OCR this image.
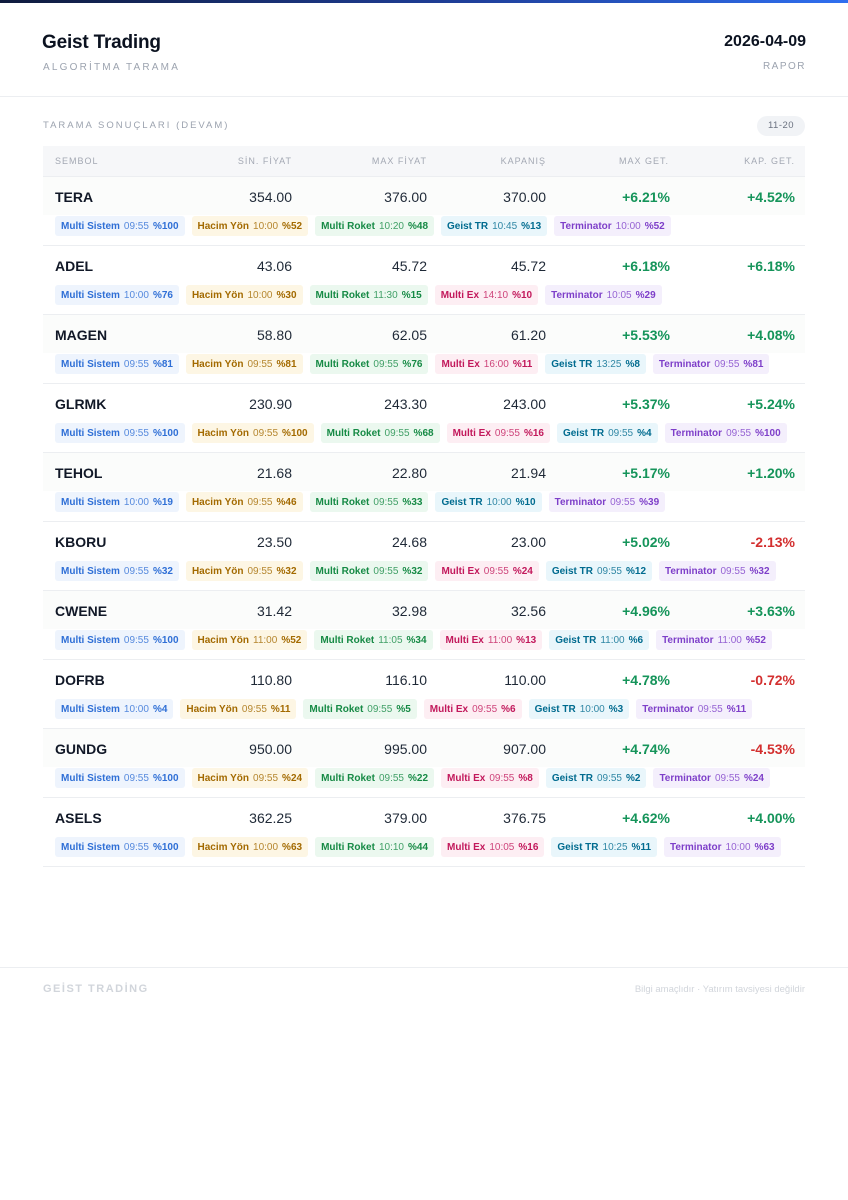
Geist Trading
ALGORİTMA TARAMA
2026-04-09
RAPOR
TARAMA SONUÇLARI (DEVAM)	11-20
SEMBOL	SİN. FİYAT	MAX FİYAT	KAPANIŞ	MAX GET.	KAP. GET.
TERA	354.00	376.00	370.00	+6.21%	+4.52%
Multi Sistem 09:55 %100 Hacim Yön 10:00 %52 Multi Roket 10:20 %48 Geist TR 10:45 %13 Terminator 10:00 %52
ADEL	43.06	45.72	45.72	+6.18%	+6.18%
Multi Sistem 10:00 %76 Hacim Yön 10:00 %30 Multi Roket 11:30 %15 Multi Ex 14:10 %10 Terminator 10:05 %29
MAGEN	58.80	62.05	61.20	+5.53%	+4.08%
Multi Sistem 09:55 %81 Hacim Yön 09:55 %81 Multi Roket 09:55 %76 Multi Ex 16:00 %11 Geist TR 13:25 %8 Terminator 09:55 %81
GLRMK	230.90	243.30	243.00	+5.37%	+5.24%
Multi Sistem 09:55 %100 Hacim Yön 09:55 %100 Multi Roket 09:55 %68 Multi Ex 09:55 %16 Geist TR 09:55 %4 Terminator 09:55 %100
TEHOL	21.68	22.80	21.94	+5.17%	+1.20%
Multi Sistem 10:00 %19 Hacim Yön 09:55 %46 Multi Roket 09:55 %33 Geist TR 10:00 %10 Terminator 09:55 %39
KBORU	23.50	24.68	23.00	+5.02%	-2.13%
Multi Sistem 09:55 %32 Hacim Yön 09:55 %32 Multi Roket 09:55 %32 Multi Ex 09:55 %24 Geist TR 09:55 %12 Terminator 09:55 %32
CWENE	31.42	32.98	32.56	+4.96%	+3.63%
Multi Sistem 09:55 %100 Hacim Yön 11:00 %52 Multi Roket 11:05 %34 Multi Ex 11:00 %13 Geist TR 11:00 %6 Terminator 11:00 %52
DOFRB	110.80	116.10	110.00	+4.78%	-0.72%
Multi Sistem 10:00 %4 Hacim Yön 09:55 %11 Multi Roket 09:55 %5 Multi Ex 09:55 %6 Geist TR 10:00 %3 Terminator 09:55 %11
GUNDG	950.00	995.00	907.00	+4.74%	-4.53%
Multi Sistem 09:55 %100 Hacim Yön 09:55 %24 Multi Roket 09:55 %22 Multi Ex 09:55 %8 Geist TR 09:55 %2 Terminator 09:55 %24
ASELS	362.25	379.00	376.75	+4.62%	+4.00%
Multi Sistem 09:55 %100 Hacim Yön 10:00 %63 Multi Roket 10:10 %44 Multi Ex 10:05 %16 Geist TR 10:25 %11 Terminator 10:00 %63
GEİST TRADİNG	Bilgi amaçlıdır · Yatırım tavsiyesi değildir
